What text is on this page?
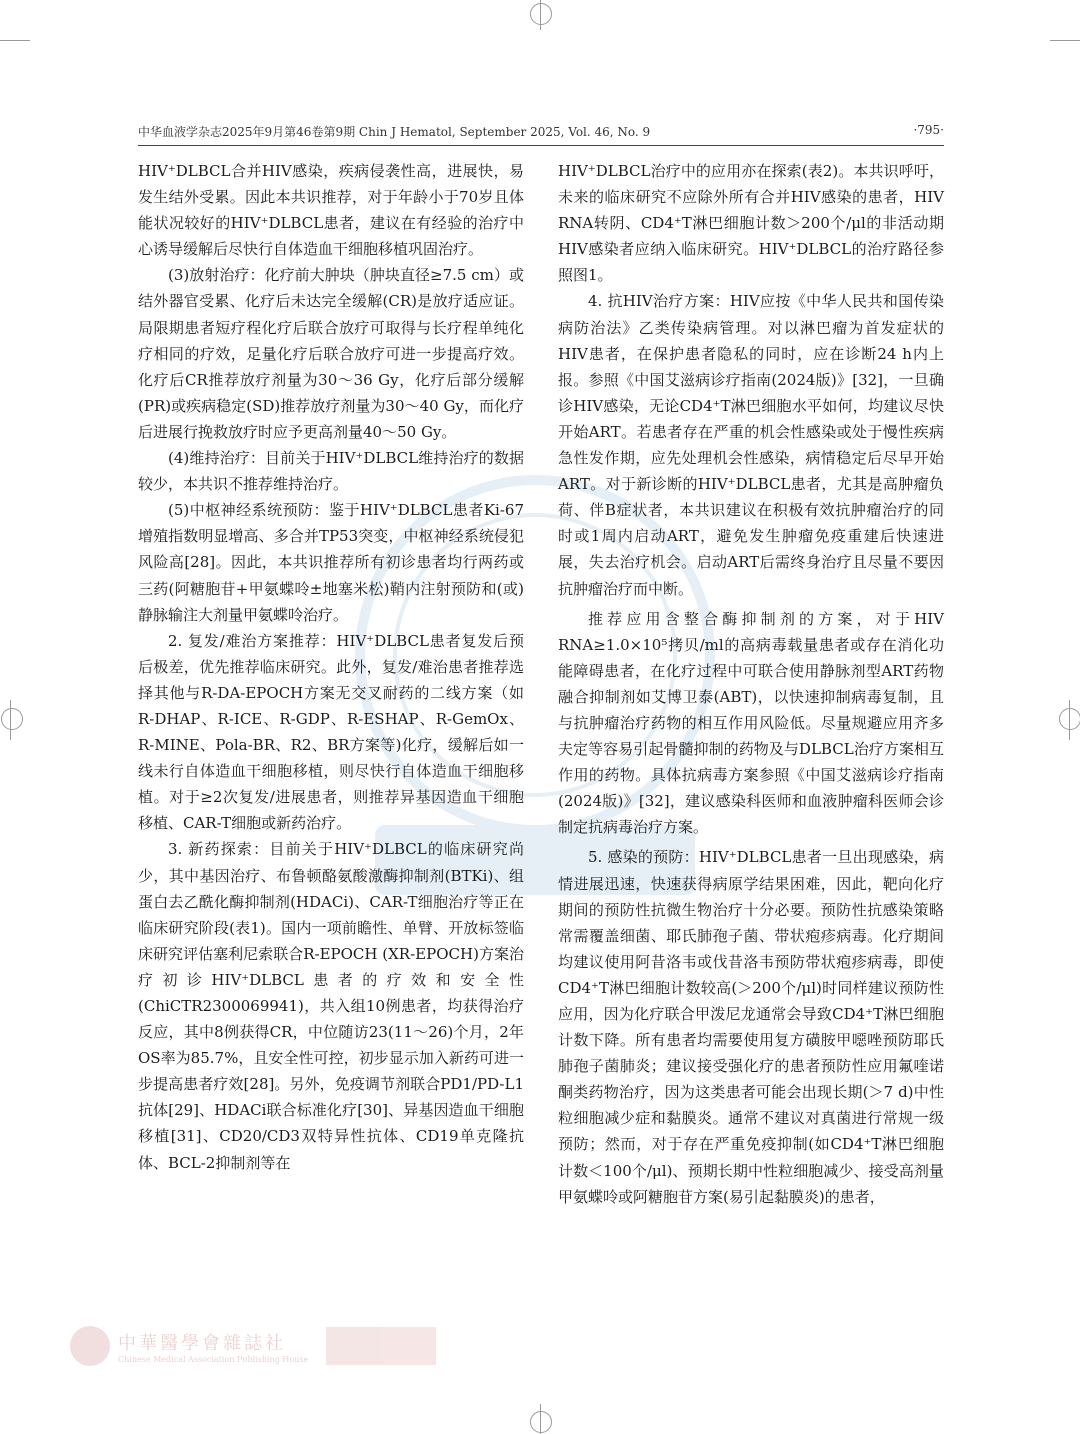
中华血液学杂志2025年9月第46卷第9期 Chin J Hematol, September 2025, Vol. 46, No. 9	·795·

HIV⁺DLBCL合并HIV感染，疾病侵袭性高，进展快，易发生结外受累。因此本共识推荐，对于年龄小于70岁且体能状况较好的HIV⁺DLBCL患者，建议在有经验的治疗中心诱导缓解后尽快行自体造血干细胞移植巩固治疗。

(3)放射治疗：化疗前大肿块（肿块直径≥7.5 cm）或结外器官受累、化疗后未达完全缓解(CR)是放疗适应证。局限期患者短疗程化疗后联合放疗可取得与长疗程单纯化疗相同的疗效，足量化疗后联合放疗可进一步提高疗效。化疗后CR推荐放疗剂量为30～36 Gy，化疗后部分缓解(PR)或疾病稳定(SD)推荐放疗剂量为30～40 Gy，而化疗后进展行挽救放疗时应予更高剂量40～50 Gy。

(4)维持治疗：目前关于HIV⁺DLBCL维持治疗的数据较少，本共识不推荐维持治疗。

(5)中枢神经系统预防：鉴于HIV⁺DLBCL患者Ki-67增殖指数明显增高、多合并TP53突变，中枢神经系统侵犯风险高[28]。因此，本共识推荐所有初诊患者均行两药或三药(阿糖胞苷+甲氨蝶呤±地塞米松)鞘内注射预防和(或)静脉输注大剂量甲氨蝶呤治疗。

2. 复发/难治方案推荐：HIV⁺DLBCL患者复发后预后极差，优先推荐临床研究。此外，复发/难治患者推荐选择其他与R-DA-EPOCH方案无交叉耐药的二线方案（如R-DHAP、R-ICE、R-GDP、R-ESHAP、R-GemOx、R-MINE、Pola-BR、R2、BR方案等)化疗，缓解后如一线未行自体造血干细胞移植，则尽快行自体造血干细胞移植。对于≥2次复发/进展患者，则推荐异基因造血干细胞移植、CAR-T细胞或新药治疗。

3. 新药探索：目前关于HIV⁺DLBCL的临床研究尚少，其中基因治疗、布鲁顿酪氨酸激酶抑制剂(BTKi)、组蛋白去乙酰化酶抑制剂(HDACi)、CAR-T细胞治疗等正在临床研究阶段(表1)。国内一项前瞻性、单臂、开放标签临床研究评估塞利尼索联合R-EPOCH (XR-EPOCH)方案治疗初诊HIV⁺DLBCL患者的疗效和安全性(ChiCTR2300069941)，共入组10例患者，均获得治疗反应，其中8例获得CR，中位随访23(11～26)个月，2年OS率为85.7%，且安全性可控，初步显示加入新药可进一步提高患者疗效[28]。另外，免疫调节剂联合PD1/PD-L1抗体[29]、HDACi联合标准化疗[30]、异基因造血干细胞移植[31]、CD20/CD3双特异性抗体、CD19单克隆抗体、BCL-2抑制剂等在

HIV⁺DLBCL治疗中的应用亦在探索(表2)。本共识呼吁，未来的临床研究不应除外所有合并HIV感染的患者，HIV RNA转阴、CD4⁺T淋巴细胞计数＞200个/μl的非活动期HIV感染者应纳入临床研究。HIV⁺DLBCL的治疗路径参照图1。

4. 抗HIV治疗方案：HIV应按《中华人民共和国传染病防治法》乙类传染病管理。对以淋巴瘤为首发症状的HIV患者，在保护患者隐私的同时，应在诊断24 h内上报。参照《中国艾滋病诊疗指南(2024版)》[32]，一旦确诊HIV感染，无论CD4⁺T淋巴细胞水平如何，均建议尽快开始ART。若患者存在严重的机会性感染或处于慢性疾病急性发作期，应先处理机会性感染，病情稳定后尽早开始ART。对于新诊断的HIV⁺DLBCL患者，尤其是高肿瘤负荷、伴B症状者，本共识建议在积极有效抗肿瘤治疗的同时或1周内启动ART，避免发生肿瘤免疫重建后快速进展，失去治疗机会。启动ART后需终身治疗且尽量不要因抗肿瘤治疗而中断。

推荐应用含整合酶抑制剂的方案，对于HIV RNA≥1.0×10⁵拷贝/ml的高病毒载量患者或存在消化功能障碍患者，在化疗过程中可联合使用静脉剂型ART药物融合抑制剂如艾博卫泰(ABT)，以快速抑制病毒复制，且与抗肿瘤治疗药物的相互作用风险低。尽量规避应用齐多夫定等容易引起骨髓抑制的药物及与DLBCL治疗方案相互作用的药物。具体抗病毒方案参照《中国艾滋病诊疗指南(2024版)》[32]，建议感染科医师和血液肿瘤科医师会诊制定抗病毒治疗方案。

5. 感染的预防：HIV⁺DLBCL患者一旦出现感染，病情进展迅速，快速获得病原学结果困难，因此，靶向化疗期间的预防性抗微生物治疗十分必要。预防性抗感染策略常需覆盖细菌、耶氏肺孢子菌、带状疱疹病毒。化疗期间均建议使用阿昔洛韦或伐昔洛韦预防带状疱疹病毒，即使CD4⁺T淋巴细胞计数较高(＞200个/μl)时同样建议预防性应用，因为化疗联合甲泼尼龙通常会导致CD4⁺T淋巴细胞计数下降。所有患者均需要使用复方磺胺甲噁唑预防耶氏肺孢子菌肺炎；建议接受强化疗的患者预防性应用氟喹诺酮类药物治疗，因为这类患者可能会出现长期(＞7 d)中性粒细胞减少症和黏膜炎。通常不建议对真菌进行常规一级预防；然而，对于存在严重免疫抑制(如CD4⁺T淋巴细胞计数＜100个/μl)、预期长期中性粒细胞减少、接受高剂量甲氨蝶呤或阿糖胞苷方案(易引起黏膜炎)的患者，

中華醫學會雜誌社
Chinese Medical Association Publishing House
